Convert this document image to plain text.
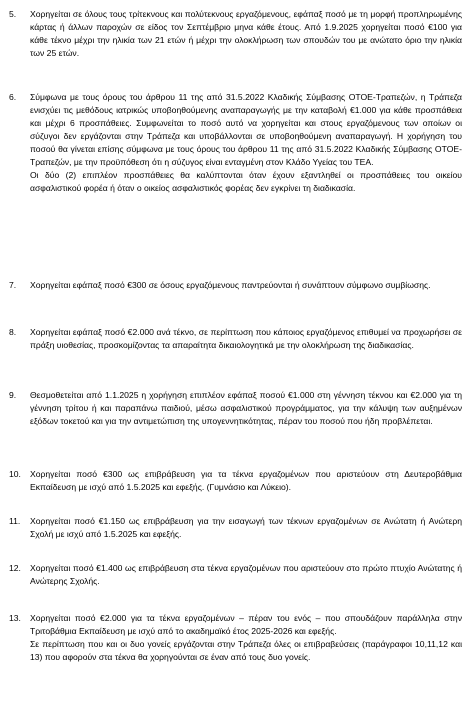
5. Χορηγείται σε όλους τους τρίτεκνους και πολύτεκνους εργαζόμενους, εφάπαξ ποσό με τη μορφή προπληρωμένης κάρτας ή άλλων παροχών σε είδος τον Σεπτέμβριο μηνα κάθε έτους. Από 1.9.2025 χορηγείται ποσό €100 για κάθε τέκνο μέχρι την ηλικία των 21 ετών ή μέχρι την ολοκλήρωση των σπουδών του με ανώτατο όριο την ηλικία των 25 ετών.

6. Σύμφωνα με τους όρους του άρθρου 11 της από 31.5.2022 Κλαδικής Σύμβασης ΟΤΟΕ-Τραπεζών, η Τράπεζα ενισχύει τις μεθόδους ιατρικώς υποβοηθούμενης αναπαραγωγής με την καταβολή €1.000 για κάθε προσπάθεια και μέχρι 6 προσπάθειες. Συμφωνείται το ποσό αυτό να χορηγείται και στους εργαζόμενους των οποίων οι σύζυγοι δεν εργάζονται στην Τράπεζα και υποβάλλονται σε υποβοηθούμενη αναπαραγωγή. Η χορήγηση του ποσού θα γίνεται επίσης σύμφωνα με τους όρους του άρθρου 11 της από 31.5.2022 Κλαδικής Σύμβασης ΟΤΟΕ-Τραπεζών, με την προϋπόθεση ότι η σύζυγος είναι ενταγμένη στον Κλάδο Υγείας του ΤΕΑ.

Οι δύο (2) επιπλέον προσπάθειες θα καλύπτονται όταν έχουν εξαντληθεί οι προσπάθειες του οικείου ασφαλιστικού φορέα ή όταν ο οικείος ασφαλιστικός φορέας δεν εγκρίνει τη διαδικασία.

7. Χορηγείται εφάπαξ ποσό €300 σε όσους εργαζόμενους παντρεύονται ή συνάπτουν σύμφωνο συμβίωσης.

8. Χορηγείται εφάπαξ ποσό €2.000 ανά τέκνο, σε περίπτωση που κάποιος εργαζόμενος επιθυμεί να προχωρήσει σε πράξη υιοθεσίας, προσκομίζοντας τα απαραίτητα δικαιολογητικά με την ολοκλήρωση της διαδικασίας.

9. Θεσμοθετείται από 1.1.2025 η χορήγηση επιπλέον εφάπαξ ποσού €1.000 στη γέννηση τέκνου και €2.000 για τη γέννηση τρίτου ή και παραπάνω παιδιού, μέσω ασφαλιστικού προγράμματος, για την κάλυψη των αυξημένων εξόδων τοκετού και για την αντιμετώπιση της υπογεννητικότητας, πέραν του ποσού που ήδη προβλέπεται.

10. Χορηγείται ποσό €300 ως επιβράβευση για τα τέκνα εργαζομένων που αριστεύουν στη Δευτεροβάθμια Εκπαίδευση με ισχύ από 1.5.2025 και εφεξής. (Γυμνάσιο και Λύκειο).

11. Χορηγείται ποσό €1.150 ως επιβράβευση για την εισαγωγή των τέκνων εργαζομένων σε Ανώτατη ή Ανώτερη Σχολή με ισχύ από 1.5.2025 και εφεξής.

12. Χορηγείται ποσό €1.400 ως επιβράβευση στα τέκνα εργαζομένων που αριστεύουν στο πρώτο πτυχίο Ανώτατης ή Ανώτερης Σχολής.

13. Χορηγείται ποσό €2.000 για τα τέκνα εργαζομένων – πέραν του ενός – που σπουδάζουν παράλληλα στην Τριτοβάθμια Εκπαίδευση με ισχύ από το ακαδημαϊκό έτος 2025-2026 και εφεξής.

Σε περίπτωση που και οι δυο γονείς εργάζονται στην Τράπεζα όλες οι επιβραβεύσεις (παράγραφοι 10,11,12 και 13) που αφορούν στα τέκνα θα χορηγούνται σε έναν από τους δυο γονείς.
